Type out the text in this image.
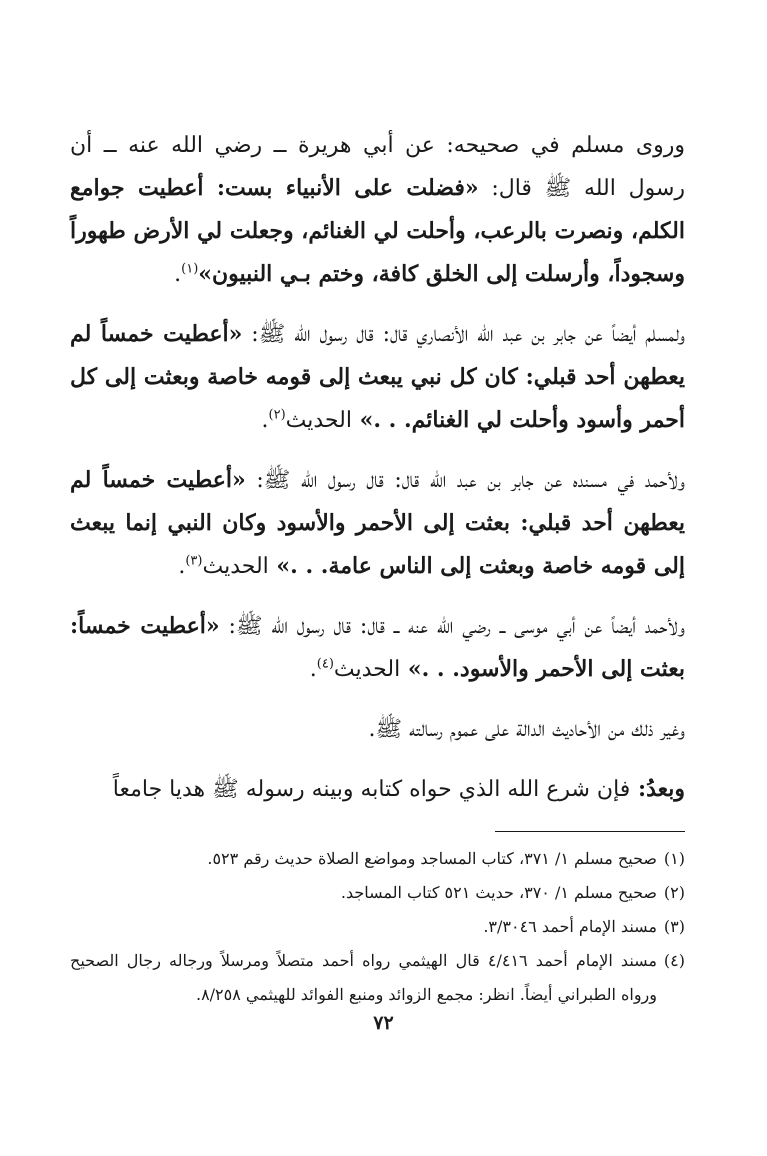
وروى مسلم في صحيحه: عن أبي هريرة ــ رضي الله عنه ــ أن رسول الله ﷺ قال: «فضلت على الأنبياء بست: أعطيت جوامع الكلم، ونصرت بالرعب، وأحلت لي الغنائم، وجعلت لي الأرض طهوراً وسجوداً، وأرسلت إلى الخلق كافة، وختم بـي النبيون»$^{(١)}$.

ولمسلم أيضاً عن جابر بن عبد الله الأنصاري قال: قال رسول الله ﷺ: «أعطيت خمساً لم يعطهن أحد قبلي: كان كل نبي يبعث إلى قومه خاصة وبعثت إلى كل أحمر وأسود وأحلت لي الغنائم. . .» الحديث$^{(٢)}$.

ولأحمد في مسنده عن جابر بن عبد الله قال: قال رسول الله ﷺ: «أعطيت خمساً لم يعطهن أحد قبلي: بعثت إلى الأحمر والأسود وكان النبي إنما يبعث إلى قومه خاصة وبعثت إلى الناس عامة. . .» الحديث$^{(٣)}$.

ولأحمد أيضاً عن أبي موسى ــ رضي الله عنه ــ قال: قال رسول الله ﷺ: «أعطيت خمساً: بعثت إلى الأحمر والأسود. . .» الحديث$^{(٤)}$.

وغير ذلك من الأحاديث الدالة على عموم رسالته ﷺ.

وبعدُ: فإن شرع الله الذي حواه كتابه وبينه رسوله ﷺ هديا جامعاً

(١)
صحيح مسلم ١/ ٣٧١، كتاب المساجد ومواضع الصلاة حديث رقم ٥٢٣.
(٢)
صحيح مسلم ١/ ٣٧٠، حديث ٥٢١ كتاب المساجد.
(٣)
مسند الإمام أحمد ٣/٣٠٤٦.
(٤)
مسند الإمام أحمد ٤/٤١٦ قال الهيثمي رواه أحمد متصلاً ومرسلاً ورجاله رجال الصحيح ورواه الطبراني أيضاً. انظر: مجمع الزوائد ومنبع الفوائد للهيثمي ٨/٢٥٨.
٧٢
